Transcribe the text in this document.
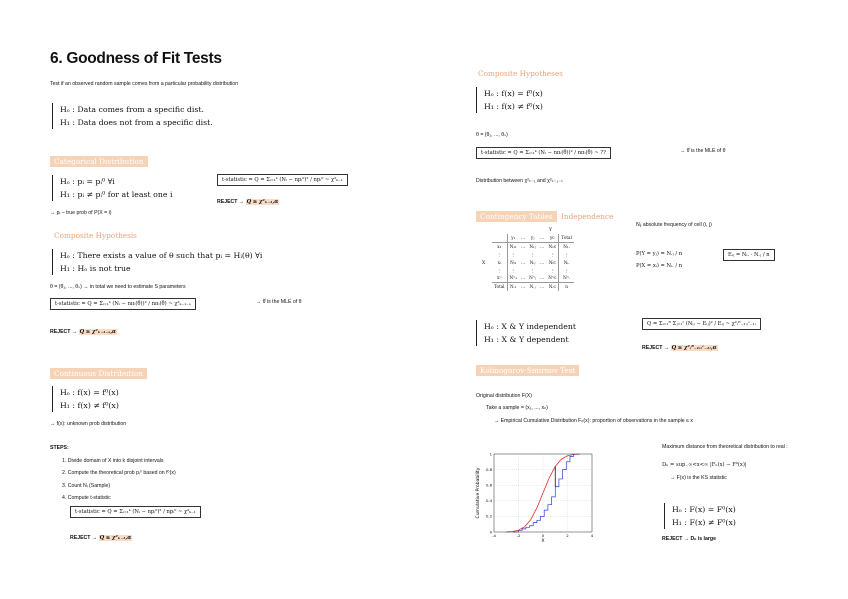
6. Goodness of Fit Tests
Test if an observed random sample comes from a particular probability distribution
Hₒ : Data comes from a specific dist.
H₁ : Data does not from a specific dist.
Categorical Distribution
Hₒ : pᵢ = pᵢ⁰ ∀i
H₁ : pᵢ ≠ pᵢ⁰ for at least one i
t-statistic = Q = Σᵢ₌₁ᵏ (Nᵢ − npᵢ⁰)² / npᵢ⁰ ~ χ²ₖ₋₁
REJECT → Q ≥ χ²ₖ₋₁,α
→ pᵢ – true prob of P(X = i)
Composite Hypothesis
Hₒ : There exists a value of θ such that pᵢ = Hᵢ(θ) ∀i
H₁ : Hₒ is not true
θ = (θ₁, ..., θₛ) → in total we need to estimate S parameters
t-statistic = Q = Σᵢ₌₁ᵏ (Nᵢ − nπᵢ(θ̂))² / nπᵢ(θ̂) ~ χ²ₖ₋₁₋ₛ	→ θ̂ is the MLE of θ
REJECT → Q ≥ χ²ₖ₋₁₋ₛ,α
Continuous Distribution
Hₒ : f(x) = f⁰(x)
H₁ : f(x) ≠ f⁰(x)
→ f(x): unknown prob distribution
STEPS:
1. Divide domain of X into k disjoint intervals
2. Compute the theoretical prob pᵢ⁰ based on f⁰(x)
3. Count Nᵢ (Sample)
4. Compute t-statistic
t-statistic = Q = Σᵢ₌₁ᵏ (Nᵢ − npᵢ⁰)² / npᵢ⁰ ~ χ²ₖ₋₁
REJECT → Q ≥ χ²ₖ₋₁,α
Composite Hypotheses
Hₒ : f(x) = f⁰(x)
H₁ : f(x) ≠ f⁰(x)
θ = (θ₁, ..., θₛ)
t-statistic = Q = Σᵢ₌₁ᵏ (Nᵢ − nπᵢ(θ̂))² / nπᵢ(θ̂) ~ ??	→ θ̂ is the MLE of θ
Distribution between χ²ₖ₋₁ and χ²ₖ₋₁₋ₛ
Contingency Tables Independence
Nᵢⱼ absolute frequency of cell (i, j)
Y
X
	y₁	…	yⱼ	…	yᴄ	Total
x₁	N₁₁	…	N₁ⱼ	…	N₁ᴄ	N₁.
⋮	⋮		⋮		⋮	⋮
xᵢ	Nᵢ₁	…	Nᵢⱼ	…	Nᵢᴄ	Nᵢ.
⋮	⋮		⋮		⋮	⋮
xᴳ	Nᴳ₁	…	Nᴳⱼ	…	Nᴳᴄ	Nᴳ.
Total	N.₁	…	N.ⱼ	…	N.ᴄ	n
P(Y = yⱼ) = N.ⱼ / n
P(X = xᵢ) = Nᵢ. / n
Eᵢⱼ = Nᵢ. · N.ⱼ / n
Hₒ : X & Y independent
H₁ : X & Y dependent
Q = Σᵢ₌₁ᴿ Σⱼ₌₁ᶜ (Nᵢⱼ − Eᵢⱼ)² / Eᵢⱼ ~ χ²₍ᴿ₋₁₎₍ᶜ₋₁₎
REJECT → Q ≥ χ²₍ᴿ₋₁₎₍ᶜ₋₁₎,α
Kolmogorov-Smirnov Test
Original distribution F(X)
Take a sample = (x₁, ..., xₙ)
→ Empirical Cumulative Distribution Fₙ(x): proportion of observations in the sample ≤ x
Maximum distance from theoretical distribution to real :
Dₙ = sup₋∞<x<∞ |Fₙ(x) − F⁰(x)|
→ F(x) is the KS statistic
Hₒ : F(x) = F⁰(x)
H₁ : F(x) ≠ F⁰(x)
REJECT → Dₙ is large
-4	-2	0	2	4
0
0.2
0.4
0.6
0.8
1
X
Cumulative Probability
